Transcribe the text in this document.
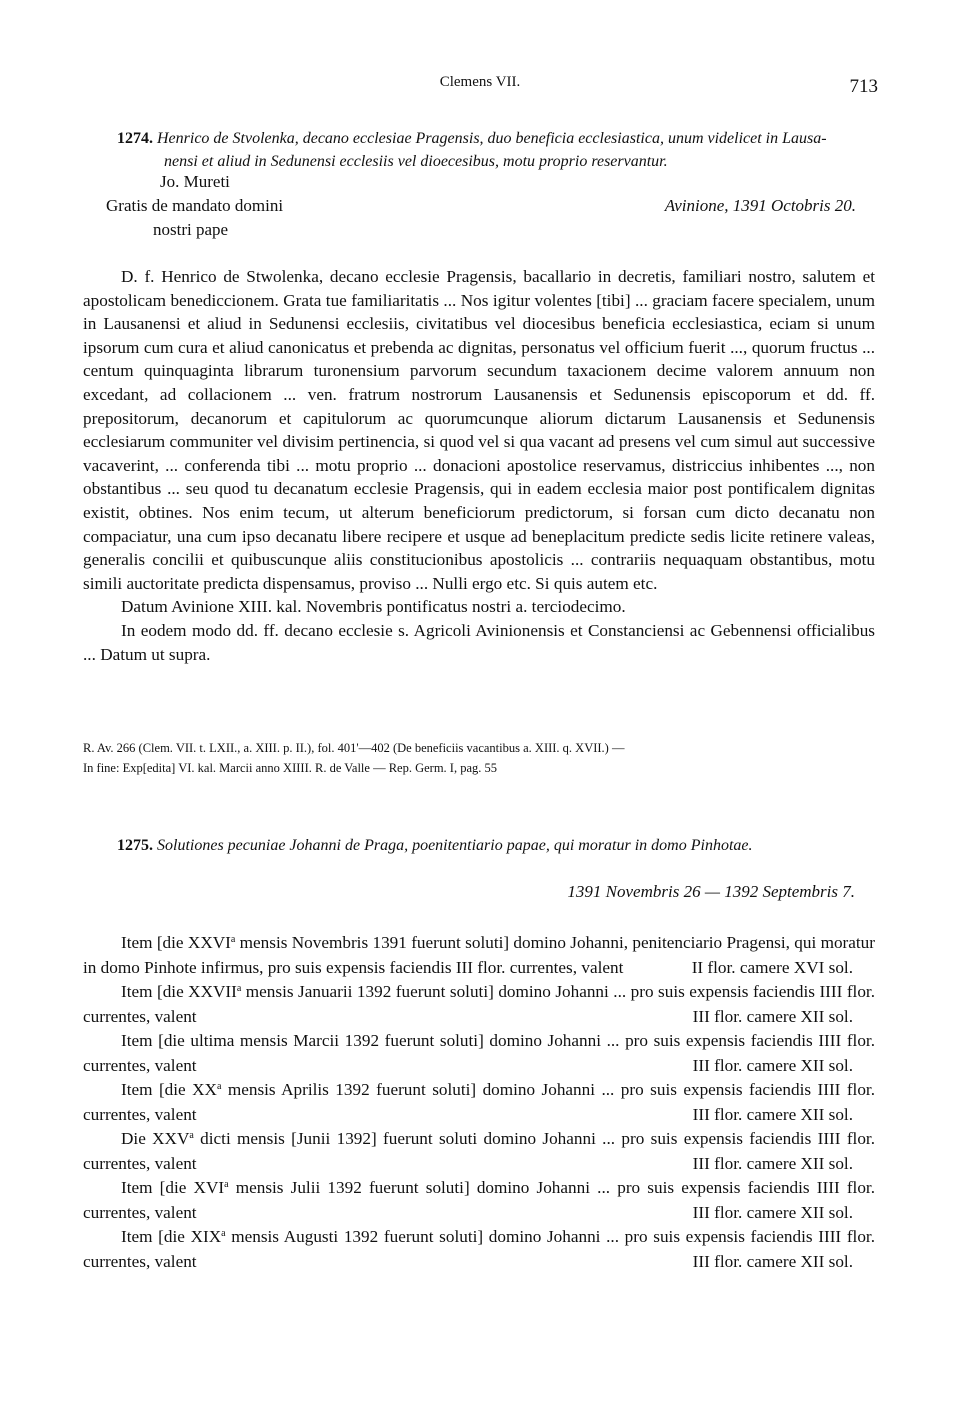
Clemens VII.	713
1274. Henrico de Stvolenka, decano ecclesiae Pragensis, duo beneficia ecclesiastica, unum videlicet in Lausa-
nensi et aliud in Sedunensi ecclesiis vel dioecesibus, motu proprio reservantur.
Jo. Mureti
Gratis de mandato domini
nostri pape
Avinione, 1391 Octobris 20.

D. f. Henrico de Stwolenka, decano ecclesie Pragensis, bacallario in decretis, familiari nostro, salutem et apostolicam benediccionem. Grata tue familiaritatis ... Nos igitur volentes [tibi] ... graciam facere specialem, unum in Lausanensi et aliud in Sedunensi ecclesiis, civitatibus vel diocesibus beneficia ecclesiastica, eciam si unum ipsorum cum cura et aliud canonicatus et prebenda ac dignitas, personatus vel officium fuerit ..., quorum fructus ... centum quinquaginta librarum turonensium parvorum secundum taxacionem decime valorem annuum non excedant, ad collacionem ... ven. fratrum nostrorum Lausanensis et Sedunensis episcoporum et dd. ff. prepositorum, decanorum et capitulorum ac quorumcunque aliorum dictarum Lausanensis et Sedunensis ecclesiarum communiter vel divisim pertinencia, si quod vel si qua vacant ad presens vel cum simul aut successive vacaverint, ... conferenda tibi ... motu proprio ... donacioni apostolice reservamus, districcius inhibentes ..., non obstantibus ... seu quod tu decanatum ecclesie Pragensis, qui in eadem ecclesia maior post pontificalem dignitas existit, obtines. Nos enim tecum, ut alterum beneficiorum predictorum, si forsan cum dicto decanatu non compaciatur, una cum ipso decanatu libere recipere et usque ad beneplacitum predicte sedis licite retinere valeas, generalis concilii et quibuscunque aliis constitucionibus apostolicis ... contrariis nequaquam obstantibus, motu simili auctoritate predicta dispensamus, proviso ... Nulli ergo etc. Si quis autem etc.

Datum Avinione XIII. kal. Novembris pontificatus nostri a. terciodecimo.

In eodem modo dd. ff. decano ecclesie s. Agricoli Avinionensis et Constanciensi ac Gebennensi officialibus ... Datum ut supra.

R. Av. 266 (Clem. VII. t. LXII., a. XIII. p. II.), fol. 401'—402 (De beneficiis vacantibus a. XIII. q. XVII.) —
In fine: Exp[edita] VI. kal. Marcii anno XIIII. R. de Valle — Rep. Germ. I, pag. 55
1275. Solutiones pecuniae Johanni de Praga, poenitentiario papae, qui moratur in domo Pinhotae.
1391 Novembris 26 — 1392 Septembris 7.
Item [die XXVI$^a$ mensis Novembris 1391 fuerunt soluti] domino Johanni, penitenciario Pragensi, qui moratur in domo Pinhote infirmus, pro suis expensis faciendis III flor. currentes, valent	II flor. camere XVI sol.
Item [die XXVII$^a$ mensis Januarii 1392 fuerunt soluti] domino Johanni ... pro suis expensis faciendis IIII flor. currentes, valent	III flor. camere XII sol.
Item [die ultima mensis Marcii 1392 fuerunt soluti] domino Johanni ... pro suis expensis faciendis IIII flor. currentes, valent	III flor. camere XII sol.
Item [die $XX^a$ mensis Aprilis 1392 fuerunt soluti] domino Johanni ... pro suis expensis faciendis IIII flor. currentes, valent	III flor. camere XII sol.
Die XXV$^a$ dicti mensis [Junii 1392] fuerunt soluti domino Johanni ... pro suis expensis faciendis IIII flor. currentes, valent	III flor. camere XII sol.
Item [die XVI$^a$ mensis Julii 1392 fuerunt soluti] domino Johanni ... pro suis expensis faciendis IIII flor. currentes, valent	III flor. camere XII sol.
Item [die XIX$^a$ mensis Augusti 1392 fuerunt soluti] domino Johanni ... pro suis expensis faciendis IIII flor. currentes, valent	III flor. camere XII sol.
